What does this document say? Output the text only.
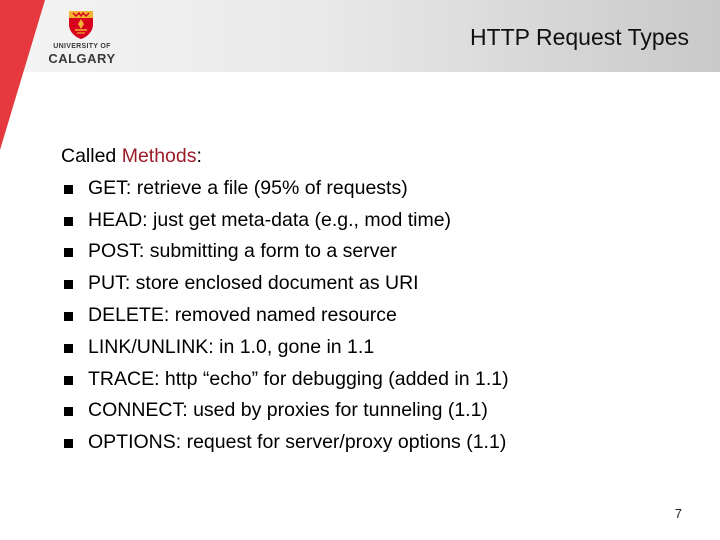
UNIVERSITY OF
CALGARY
HTTP Request Types
Called Methods:
GET: retrieve a file (95% of requests)
HEAD: just get meta-data (e.g., mod time)
POST: submitting a form to a server
PUT: store enclosed document as URI
DELETE: removed named resource
LINK/UNLINK: in 1.0, gone in 1.1
TRACE: http “echo” for debugging (added in 1.1)
CONNECT: used by proxies for tunneling (1.1)
OPTIONS: request for server/proxy options (1.1)
7
